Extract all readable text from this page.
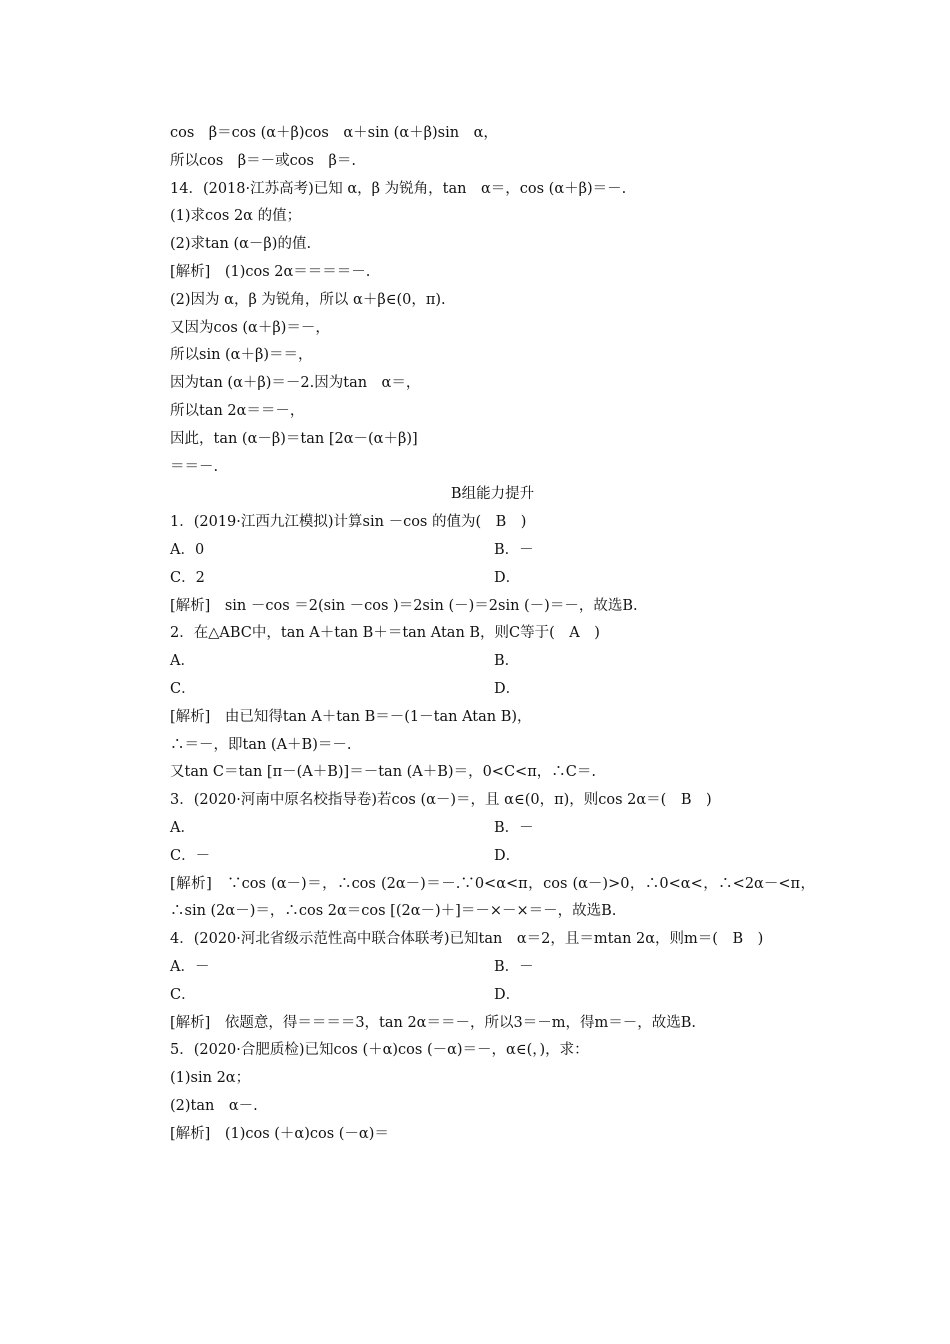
cos　β＝cos (α＋β)cos　α＋sin (α＋β)sin　α，
所以cos　β＝－或cos　β＝.
14．(2018·江苏高考)已知 α，β 为锐角，tan　α＝，cos (α＋β)＝－.
(1)求cos 2α 的值；
(2)求tan (α－β)的值.
[解析]　(1)cos 2α＝＝＝＝－.
(2)因为 α，β 为锐角，所以 α＋β∈(0，π).
又因为cos (α＋β)＝－，
所以sin (α＋β)＝＝，
因为tan (α＋β)＝－2.因为tan　α＝，
所以tan 2α＝＝－，
因此，tan (α－β)＝tan [2α－(α＋β)]
＝＝－.
B组能力提升
1．(2019·江西九江模拟)计算sin －cos 的值为(　B　)
A．0	B．－
C．2	D．
[解析]　sin －cos ＝2(sin －cos )＝2sin (－)＝2sin (－)＝－，故选B.
2．在△ABC中，tan A＋tan B＋＝tan Atan B，则C等于(　A　)
A．	B．
C．	D．
[解析]　由已知得tan A＋tan B＝－(1－tan Atan B)，
∴＝－，即tan (A＋B)＝－.
又tan C＝tan [π－(A＋B)]＝－tan (A＋B)＝，0<C<π，∴C＝.
3．(2020·河南中原名校指导卷)若cos (α－)＝，且 α∈(0，π)，则cos 2α＝(　B　)
A．	B．－
C．－	D．
[解析]　∵cos (α－)＝，∴cos (2α－)＝－.∵0<α<π，cos (α－)>0，∴0<α<，∴<2α－<π，∴sin (2α－)＝，∴cos 2α＝cos [(2α－)＋]＝－×－×＝－，故选B.
4．(2020·河北省级示范性高中联合体联考)已知tan　α＝2，且＝mtan 2α，则m＝(　B　)
A．－	B．－
C．	D．
[解析]　依题意，得＝＝＝＝3，tan 2α＝＝－，所以3＝－m，得m＝－，故选B.
5．(2020·合肥质检)已知cos (＋α)cos (－α)＝－，α∈(，)，求：
(1)sin 2α；
(2)tan　α－.
[解析]　(1)cos (＋α)cos (－α)＝
